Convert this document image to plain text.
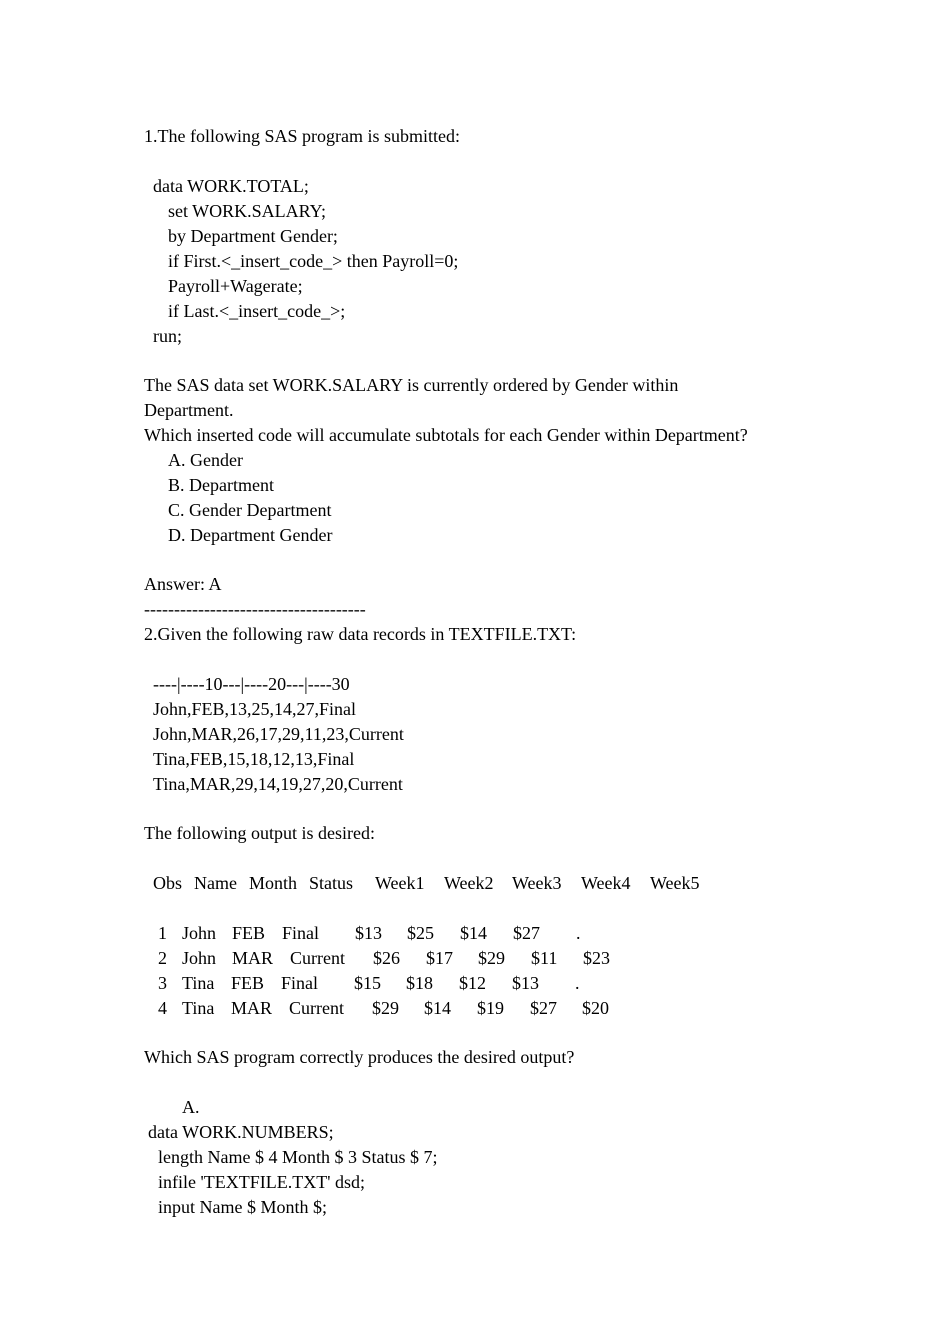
1.The following SAS program is submitted:
data WORK.TOTAL;
set WORK.SALARY;
by Department Gender;
if First.<_insert_code_> then Payroll=0;
Payroll+Wagerate;
if Last.<_insert_code_>;
run;
The SAS data set WORK.SALARY is currently ordered by Gender within
Department.
Which inserted code will accumulate subtotals for each Gender within Department?
A. Gender
B. Department
C. Gender Department
D. Department Gender
Answer: A
-------------------------------------
2.Given the following raw data records in TEXTFILE.TXT:
----|----10---|----20---|----30
John,FEB,13,25,14,27,Final
John,MAR,26,17,29,11,23,Current
Tina,FEB,15,18,12,13,Final
Tina,MAR,29,14,19,27,20,Current
The following output is desired:
Obs Name Month Status Week1 Week2 Week3 Week4 Week5
1 John FEB Final $13 $25 $14 $27 .
2 John MAR Current $26 $17 $29 $11 $23
3 Tina FEB Final $15 $18 $12 $13 .
4 Tina MAR Current $29 $14 $19 $27 $20
Which SAS program correctly produces the desired output?
A.
data WORK.NUMBERS;
length Name $ 4 Month $ 3 Status $ 7;
infile 'TEXTFILE.TXT' dsd;
input Name $ Month $;
